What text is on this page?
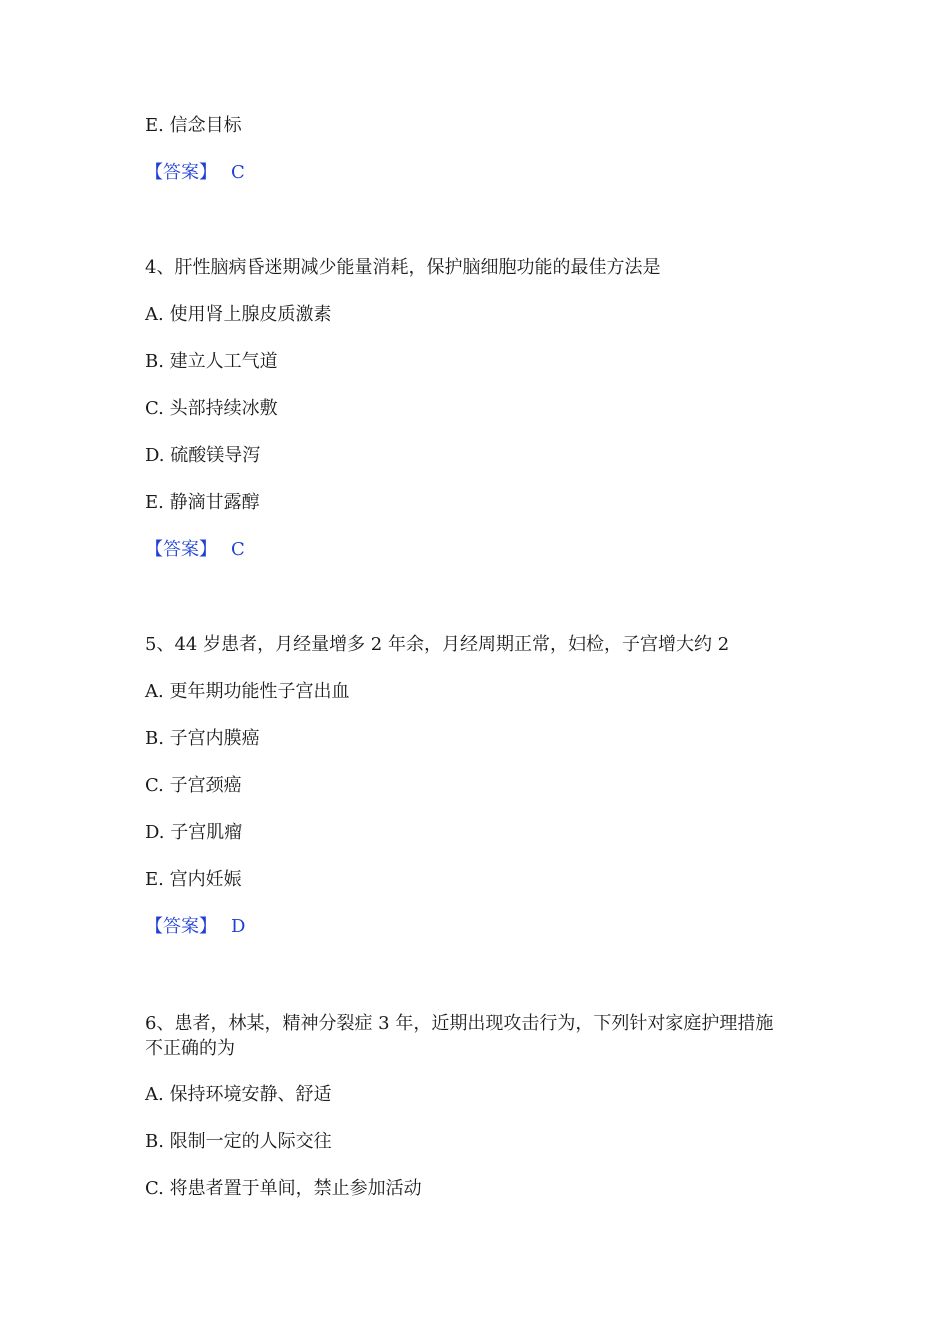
E. 信念目标
【答案】 C
4、肝性脑病昏迷期减少能量消耗，保护脑细胞功能的最佳方法是
A. 使用肾上腺皮质激素
B. 建立人工气道
C. 头部持续冰敷
D. 硫酸镁导泻
E. 静滴甘露醇
【答案】 C
5、44 岁患者，月经量增多 2 年余，月经周期正常，妇检，子宫增大约 2
A. 更年期功能性子宫出血
B. 子宫内膜癌
C. 子宫颈癌
D. 子宫肌瘤
E. 宫内妊娠
【答案】 D
6、患者，林某，精神分裂症 3 年，近期出现攻击行为，下列针对家庭护理措施
不正确的为
A. 保持环境安静、舒适
B. 限制一定的人际交往
C. 将患者置于单间，禁止参加活动
